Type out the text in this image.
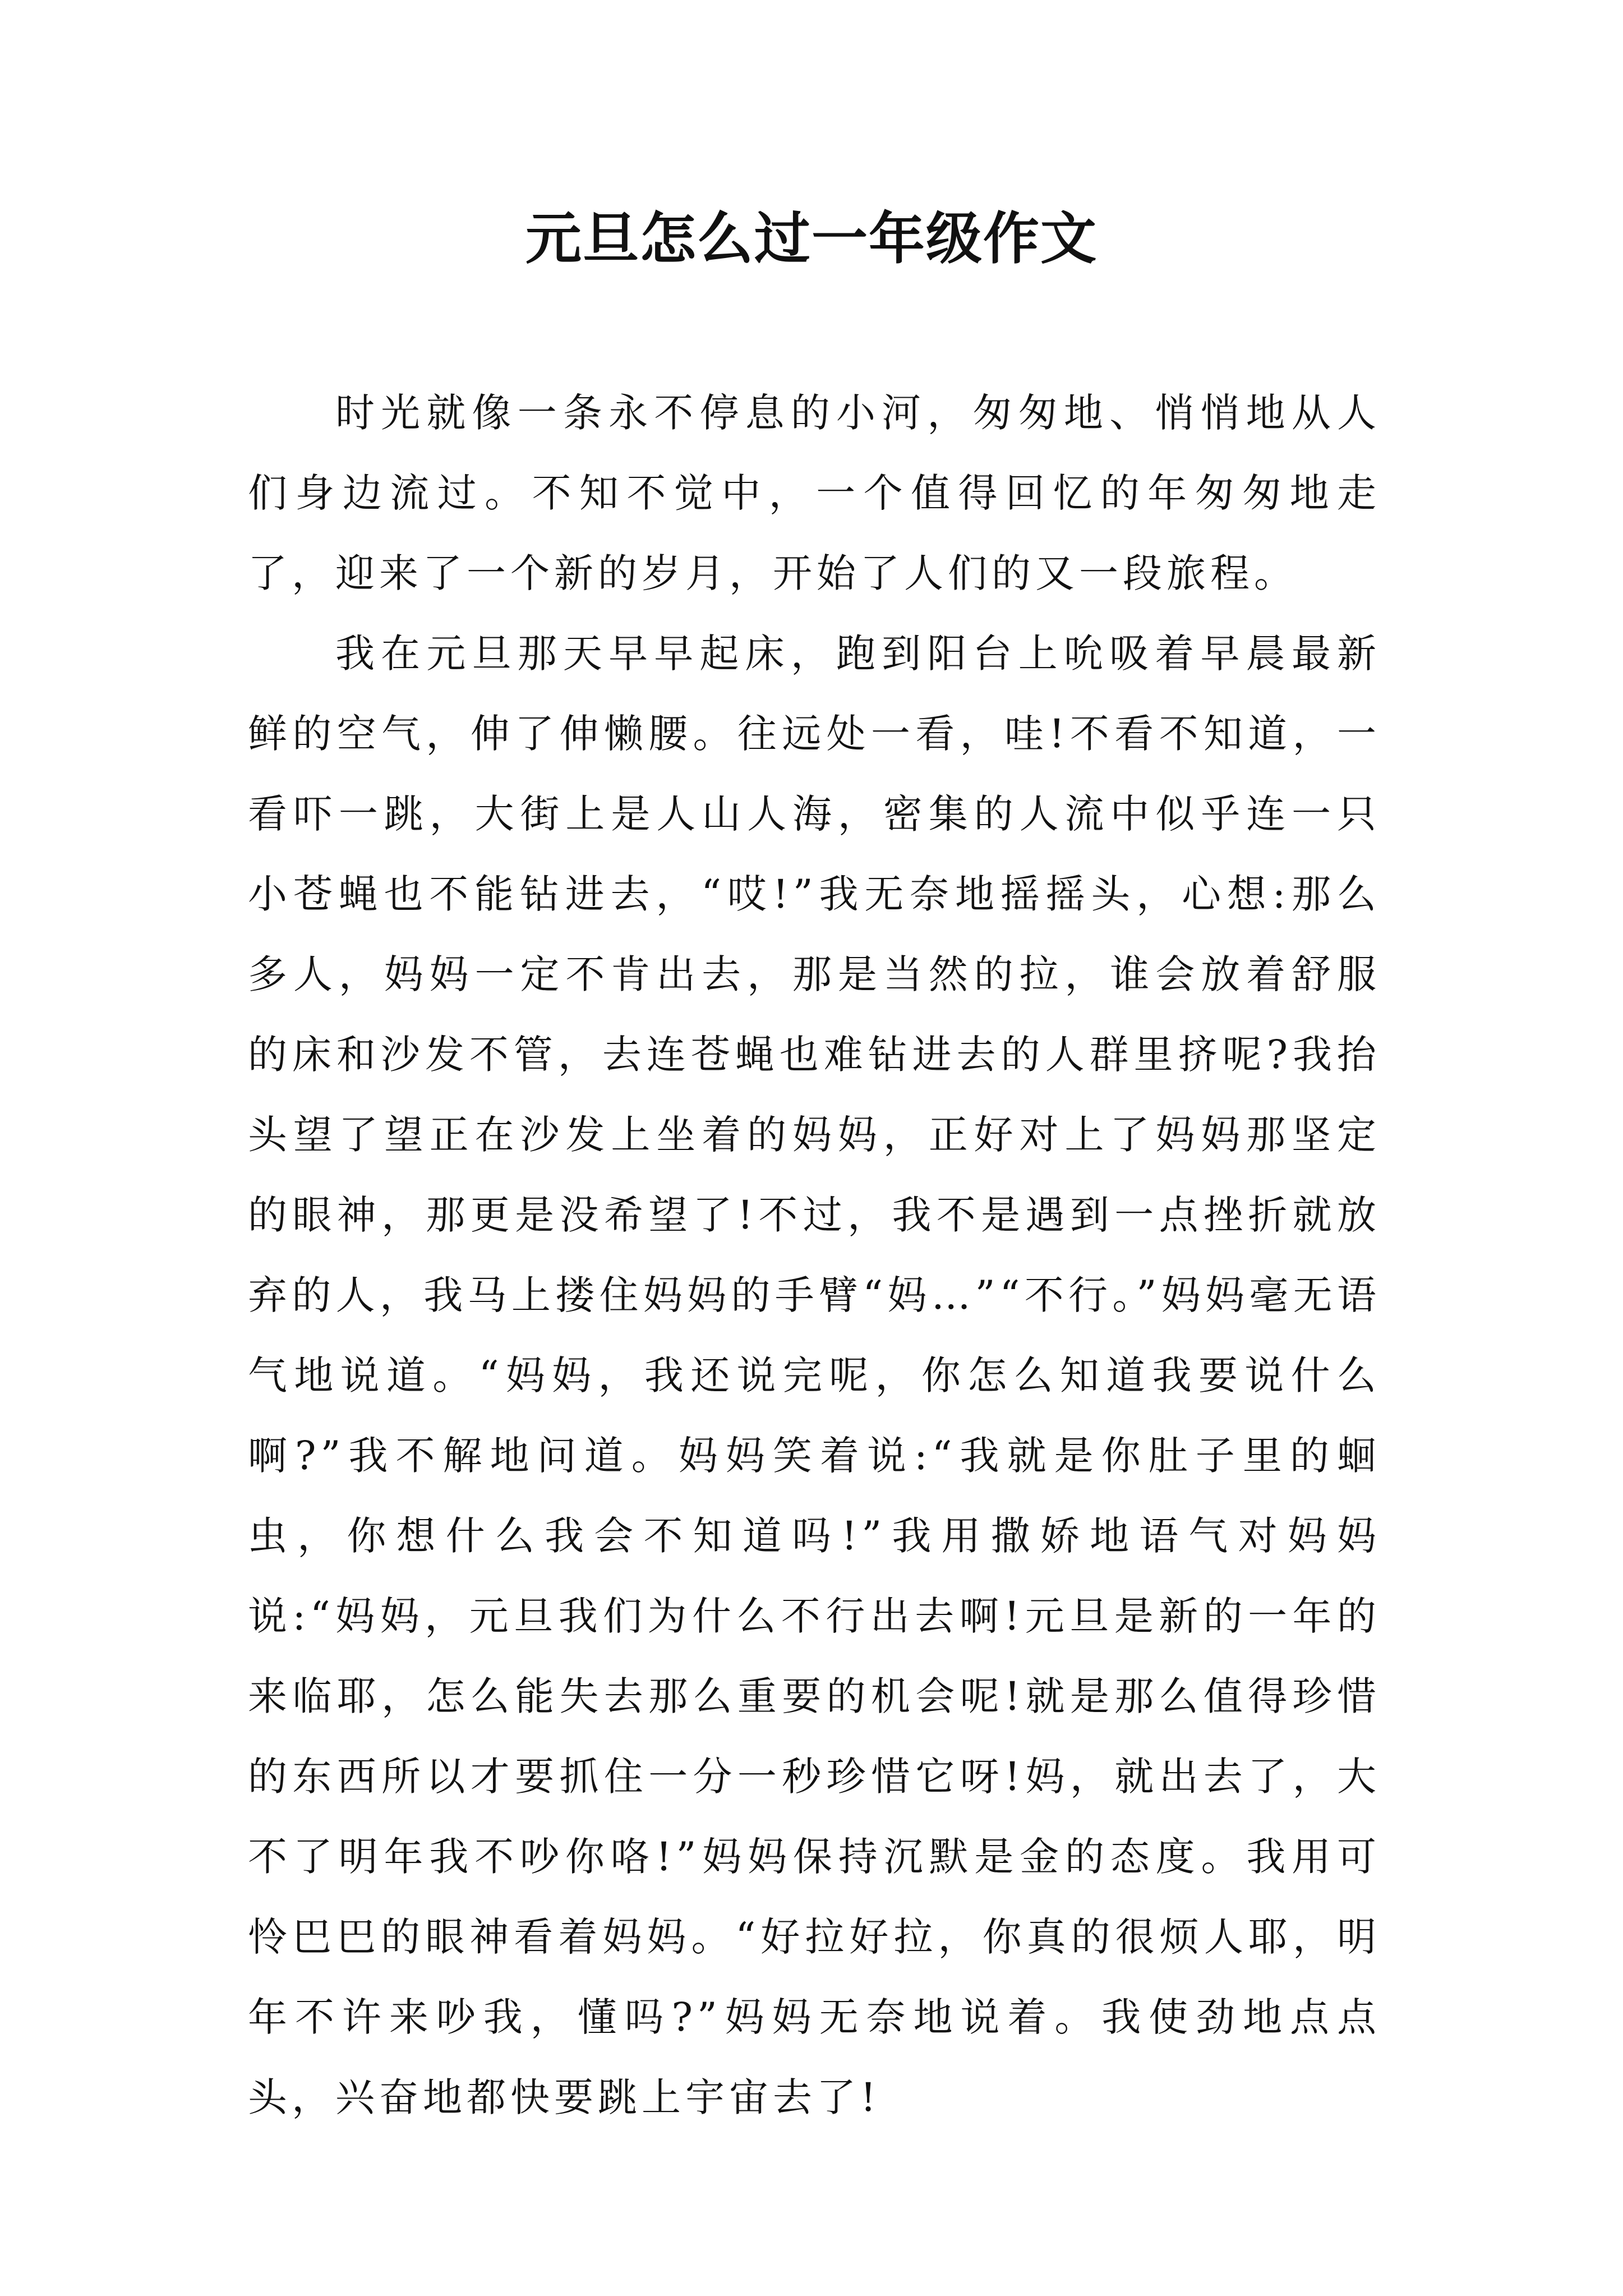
元旦怎么过一年级作文

时光就像一条永不停息的小河，匆匆地、悄悄地从人们身边流过。不知不觉中，一个值得回忆的年匆匆地走了，迎来了一个新的岁月，开始了人们的又一段旅程。

我在元旦那天早早起床，跑到阳台上吮吸着早晨最新鲜的空气，伸了伸懒腰。往远处一看，哇!不看不知道，一看吓一跳，大街上是人山人海，密集的人流中似乎连一只小苍蝇也不能钻进去，“哎!”我无奈地摇摇头，心想:那么多人，妈妈一定不肯出去，那是当然的拉，谁会放着舒服的床和沙发不管，去连苍蝇也难钻进去的人群里挤呢?我抬头望了望正在沙发上坐着的妈妈，正好对上了妈妈那坚定的眼神，那更是没希望了!不过，我不是遇到一点挫折就放弃的人，我马上搂住妈妈的手臂“妈…”“不行。”妈妈毫无语气地说道。“妈妈，我还说完呢，你怎么知道我要说什么啊?”我不解地问道。妈妈笑着说:“我就是你肚子里的蛔虫，你想什么我会不知道吗!”我用撒娇地语气对妈妈说:“妈妈，元旦我们为什么不行出去啊!元旦是新的一年的来临耶，怎么能失去那么重要的机会呢!就是那么值得珍惜的东西所以才要抓住一分一秒珍惜它呀!妈，就出去了，大不了明年我不吵你咯!”妈妈保持沉默是金的态度。我用可怜巴巴的眼神看着妈妈。“好拉好拉，你真的很烦人耶，明年不许来吵我，懂吗?”妈妈无奈地说着。我使劲地点点头，兴奋地都快要跳上宇宙去了!
